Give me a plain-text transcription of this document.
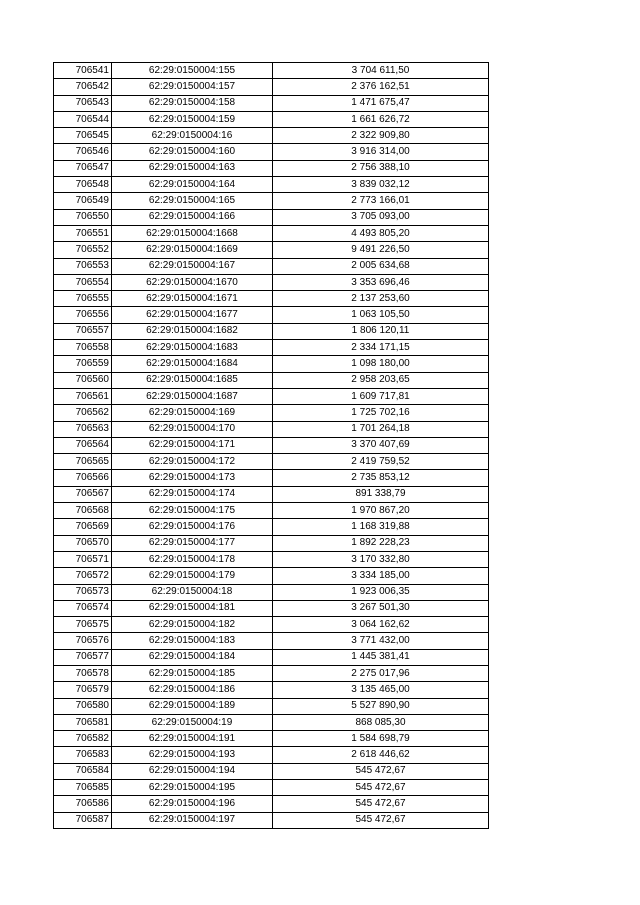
706541	62:29:0150004:155	3 704 611,50
706542	62:29:0150004:157	2 376 162,51
706543	62:29:0150004:158	1 471 675,47
706544	62:29:0150004:159	1 661 626,72
706545	62:29:0150004:16	2 322 909,80
706546	62:29:0150004:160	3 916 314,00
706547	62:29:0150004:163	2 756 388,10
706548	62:29:0150004:164	3 839 032,12
706549	62:29:0150004:165	2 773 166,01
706550	62:29:0150004:166	3 705 093,00
706551	62:29:0150004:1668	4 493 805,20
706552	62:29:0150004:1669	9 491 226,50
706553	62:29:0150004:167	2 005 634,68
706554	62:29:0150004:1670	3 353 696,46
706555	62:29:0150004:1671	2 137 253,60
706556	62:29:0150004:1677	1 063 105,50
706557	62:29:0150004:1682	1 806 120,11
706558	62:29:0150004:1683	2 334 171,15
706559	62:29:0150004:1684	1 098 180,00
706560	62:29:0150004:1685	2 958 203,65
706561	62:29:0150004:1687	1 609 717,81
706562	62:29:0150004:169	1 725 702,16
706563	62:29:0150004:170	1 701 264,18
706564	62:29:0150004:171	3 370 407,69
706565	62:29:0150004:172	2 419 759,52
706566	62:29:0150004:173	2 735 853,12
706567	62:29:0150004:174	891 338,79
706568	62:29:0150004:175	1 970 867,20
706569	62:29:0150004:176	1 168 319,88
706570	62:29:0150004:177	1 892 228,23
706571	62:29:0150004:178	3 170 332,80
706572	62:29:0150004:179	3 334 185,00
706573	62:29:0150004:18	1 923 006,35
706574	62:29:0150004:181	3 267 501,30
706575	62:29:0150004:182	3 064 162,62
706576	62:29:0150004:183	3 771 432,00
706577	62:29:0150004:184	1 445 381,41
706578	62:29:0150004:185	2 275 017,96
706579	62:29:0150004:186	3 135 465,00
706580	62:29:0150004:189	5 527 890,90
706581	62:29:0150004:19	868 085,30
706582	62:29:0150004:191	1 584 698,79
706583	62:29:0150004:193	2 618 446,62
706584	62:29:0150004:194	545 472,67
706585	62:29:0150004:195	545 472,67
706586	62:29:0150004:196	545 472,67
706587	62:29:0150004:197	545 472,67
